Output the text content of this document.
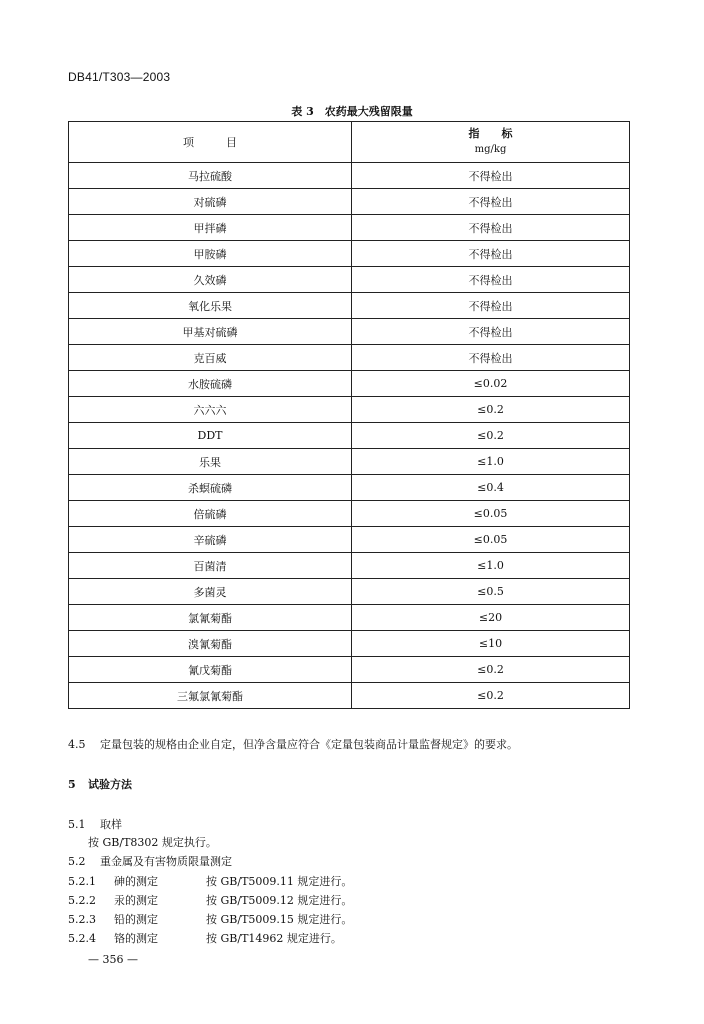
DB41/T303—2003
表 3　农药最大残留限量
项目	指标
mg/kg

马拉硫酸	不得检出
对硫磷	不得检出
甲拌磷	不得检出
甲胺磷	不得检出
久效磷	不得检出
氧化乐果	不得检出
甲基对硫磷	不得检出
克百威	不得检出
水胺硫磷	≤0.02
六六六	≤0.2
DDT	≤0.2
乐果	≤1.0
杀螟硫磷	≤0.4
倍硫磷	≤0.05
辛硫磷	≤0.05
百菌清	≤1.0
多菌灵	≤0.5
氯氰菊酯	≤20
溴氰菊酯	≤10
氰戊菊酯	≤0.2
三氟氯氰菊酯	≤0.2
4.5 定量包装的规格由企业自定，但净含量应符合《定量包装商品计量监督规定》的要求。
5 试验方法
5.1 取样
按 GB/T8302 规定执行。
5.2 重金属及有害物质限量测定
5.2.1 砷的测定	按 GB/T5009.11 规定进行。
5.2.2 汞的测定	按 GB/T5009.12 规定进行。
5.2.3 铅的测定	按 GB/T5009.15 规定进行。
5.2.4 铬的测定	按 GB/T14962 规定进行。
— 356 —
